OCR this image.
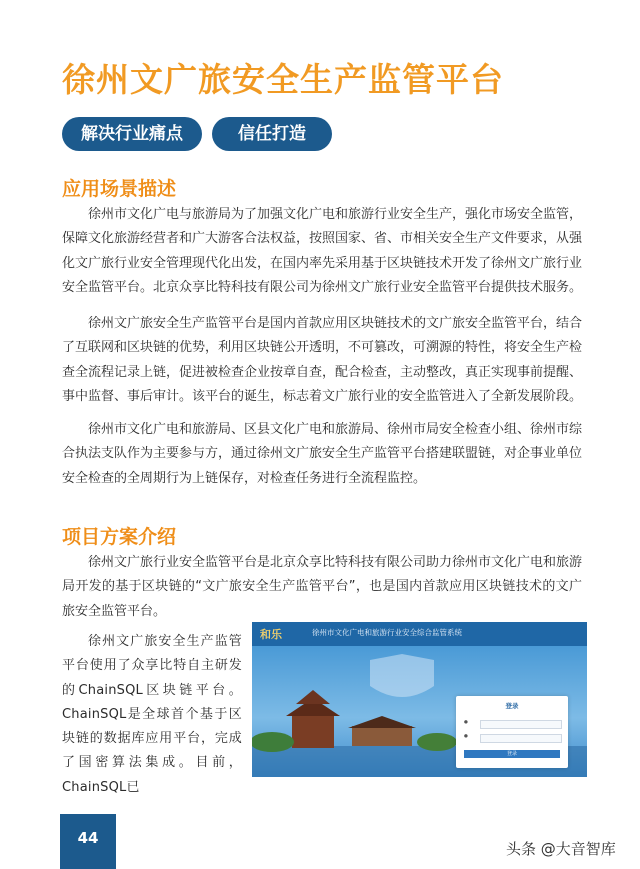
徐州文广旅安全生产监管平台
解决行业痛点	信任打造
应用场景描述

徐州市文化广电与旅游局为了加强文化广电和旅游行业安全生产，强化市场安全监管，保障文化旅游经营者和广大游客合法权益，按照国家、省、市相关安全生产文件要求，从强化文广旅行业安全管理现代化出发，在国内率先采用基于区块链技术开发了徐州文广旅行业安全监管平台。北京众享比特科技有限公司为徐州文广旅行业安全监管平台提供技术服务。

徐州文广旅安全生产监管平台是国内首款应用区块链技术的文广旅安全监管平台，结合了互联网和区块链的优势，利用区块链公开透明，不可篡改，可溯源的特性，将安全生产检查全流程记录上链，促进被检查企业按章自查，配合检查，主动整改，真正实现事前提醒、事中监督、事后审计。该平台的诞生，标志着文广旅行业的安全监管进入了全新发展阶段。

徐州市文化广电和旅游局、区县文化广电和旅游局、徐州市局安全检查小组、徐州市综合执法支队作为主要参与方，通过徐州文广旅安全生产监管平台搭建联盟链，对企事业单位安全检查的全周期行为上链保存，对检查任务进行全流程监控。

项目方案介绍

徐州文广旅行业安全监管平台是北京众享比特科技有限公司助力徐州市文化广电和旅游局开发的基于区块链的“文广旅安全生产监管平台”，也是国内首款应用区块链技术的文广旅安全监管平台。

徐州文广旅安全生产监管平台使用了众享比特自主研发的ChainSQL区块链平台。ChainSQL是全球首个基于区块链的数据库应用平台，完成了国密算法集成。目前，ChainSQL已

和乐	徐州市文化广电和旅游行业安全综合监管系统
登录
●
●
登录
44
头条 @大音智库
